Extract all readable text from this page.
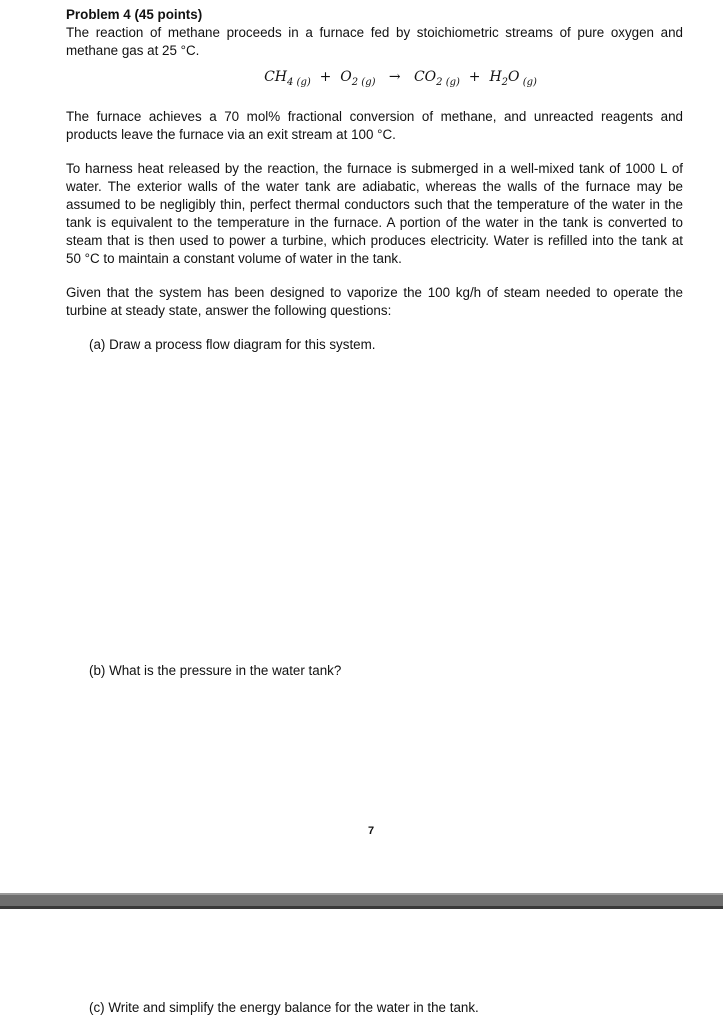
Problem 4 (45 points)

The reaction of methane proceeds in a furnace fed by stoichiometric streams of pure oxygen and methane gas at 25 °C.

$CH_{4 (g)} + O_{2 (g)} \to CO_{2 (g)} + H_2O$ $_{(g)}$

The furnace achieves a 70 mol% fractional conversion of methane, and unreacted reagents and products leave the furnace via an exit stream at 100 °C.

To harness heat released by the reaction, the furnace is submerged in a well-mixed tank of 1000 L of water. The exterior walls of the water tank are adiabatic, whereas the walls of the furnace may be assumed to be negligibly thin, perfect thermal conductors such that the temperature of the water in the tank is equivalent to the temperature in the furnace. A portion of the water in the tank is converted to steam that is then used to power a turbine, which produces electricity. Water is refilled into the tank at 50 °C to maintain a constant volume of water in the tank.

Given that the system has been designed to vaporize the 100 kg/h of steam needed to operate the turbine at steady state, answer the following questions:

(a) Draw a process flow diagram for this system.
(b) What is the pressure in the water tank?
7
(c) Write and simplify the energy balance for the water in the tank.
